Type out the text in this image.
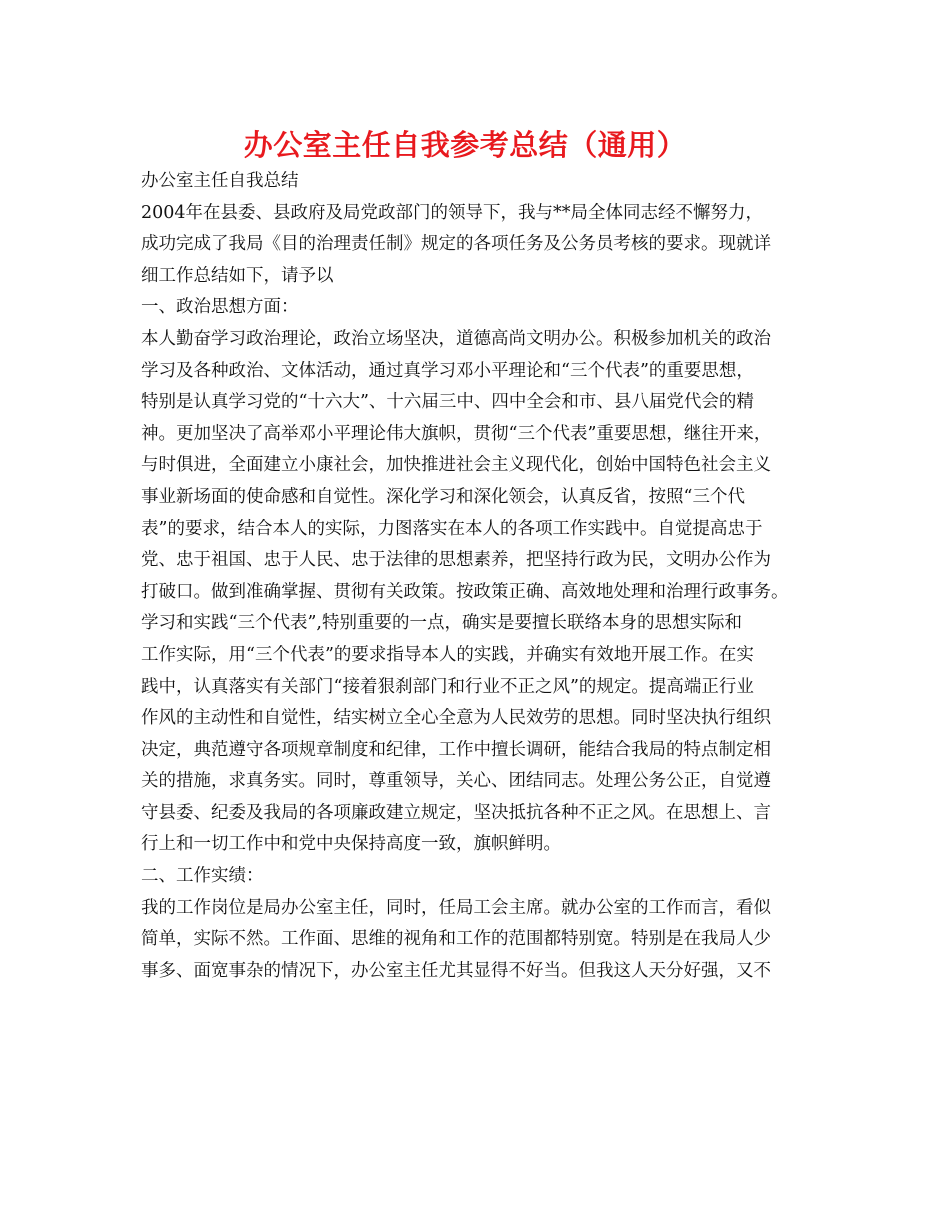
办公室主任自我参考总结（通用）
办公室主任自我总结
2004年在县委、县政府及局党政部门的领导下，我与**局全体同志经不懈努力，
成功完成了我局《目的治理责任制》规定的各项任务及公务员考核的要求。现就详
细工作总结如下，请予以
一、政治思想方面：
本人勤奋学习政治理论，政治立场坚决，道德高尚文明办公。积极参加机关的政治
学习及各种政治、文体活动，通过真学习邓小平理论和“三个代表”的重要思想，
特别是认真学习党的“十六大”、十六届三中、四中全会和市、县八届党代会的精
神。更加坚决了高举邓小平理论伟大旗帜，贯彻“三个代表”重要思想，继往开来，
与时俱进，全面建立小康社会，加快推进社会主义现代化，创始中国特色社会主义
事业新场面的使命感和自觉性。深化学习和深化领会，认真反省，按照“三个代
表”的要求，结合本人的实际，力图落实在本人的各项工作实践中。自觉提高忠于
党、忠于祖国、忠于人民、忠于法律的思想素养，把坚持行政为民，文明办公作为
打破口。做到准确掌握、贯彻有关政策。按政策正确、高效地处理和治理行政事务。
学习和实践“三个代表”,特别重要的一点，确实是要擅长联络本身的思想实际和
工作实际，用“三个代表”的要求指导本人的实践，并确实有效地开展工作。在实
践中，认真落实有关部门“接着狠刹部门和行业不正之风”的规定。提高端正行业
作风的主动性和自觉性，结实树立全心全意为人民效劳的思想。同时坚决执行组织
决定，典范遵守各项规章制度和纪律，工作中擅长调研，能结合我局的特点制定相
关的措施，求真务实。同时，尊重领导，关心、团结同志。处理公务公正，自觉遵
守县委、纪委及我局的各项廉政建立规定，坚决抵抗各种不正之风。在思想上、言
行上和一切工作中和党中央保持高度一致，旗帜鲜明。
二、工作实绩：
我的工作岗位是局办公室主任，同时，任局工会主席。就办公室的工作而言，看似
简单，实际不然。工作面、思维的视角和工作的范围都特别宽。特别是在我局人少
事多、面宽事杂的情况下，办公室主任尤其显得不好当。但我这人天分好强，又不
